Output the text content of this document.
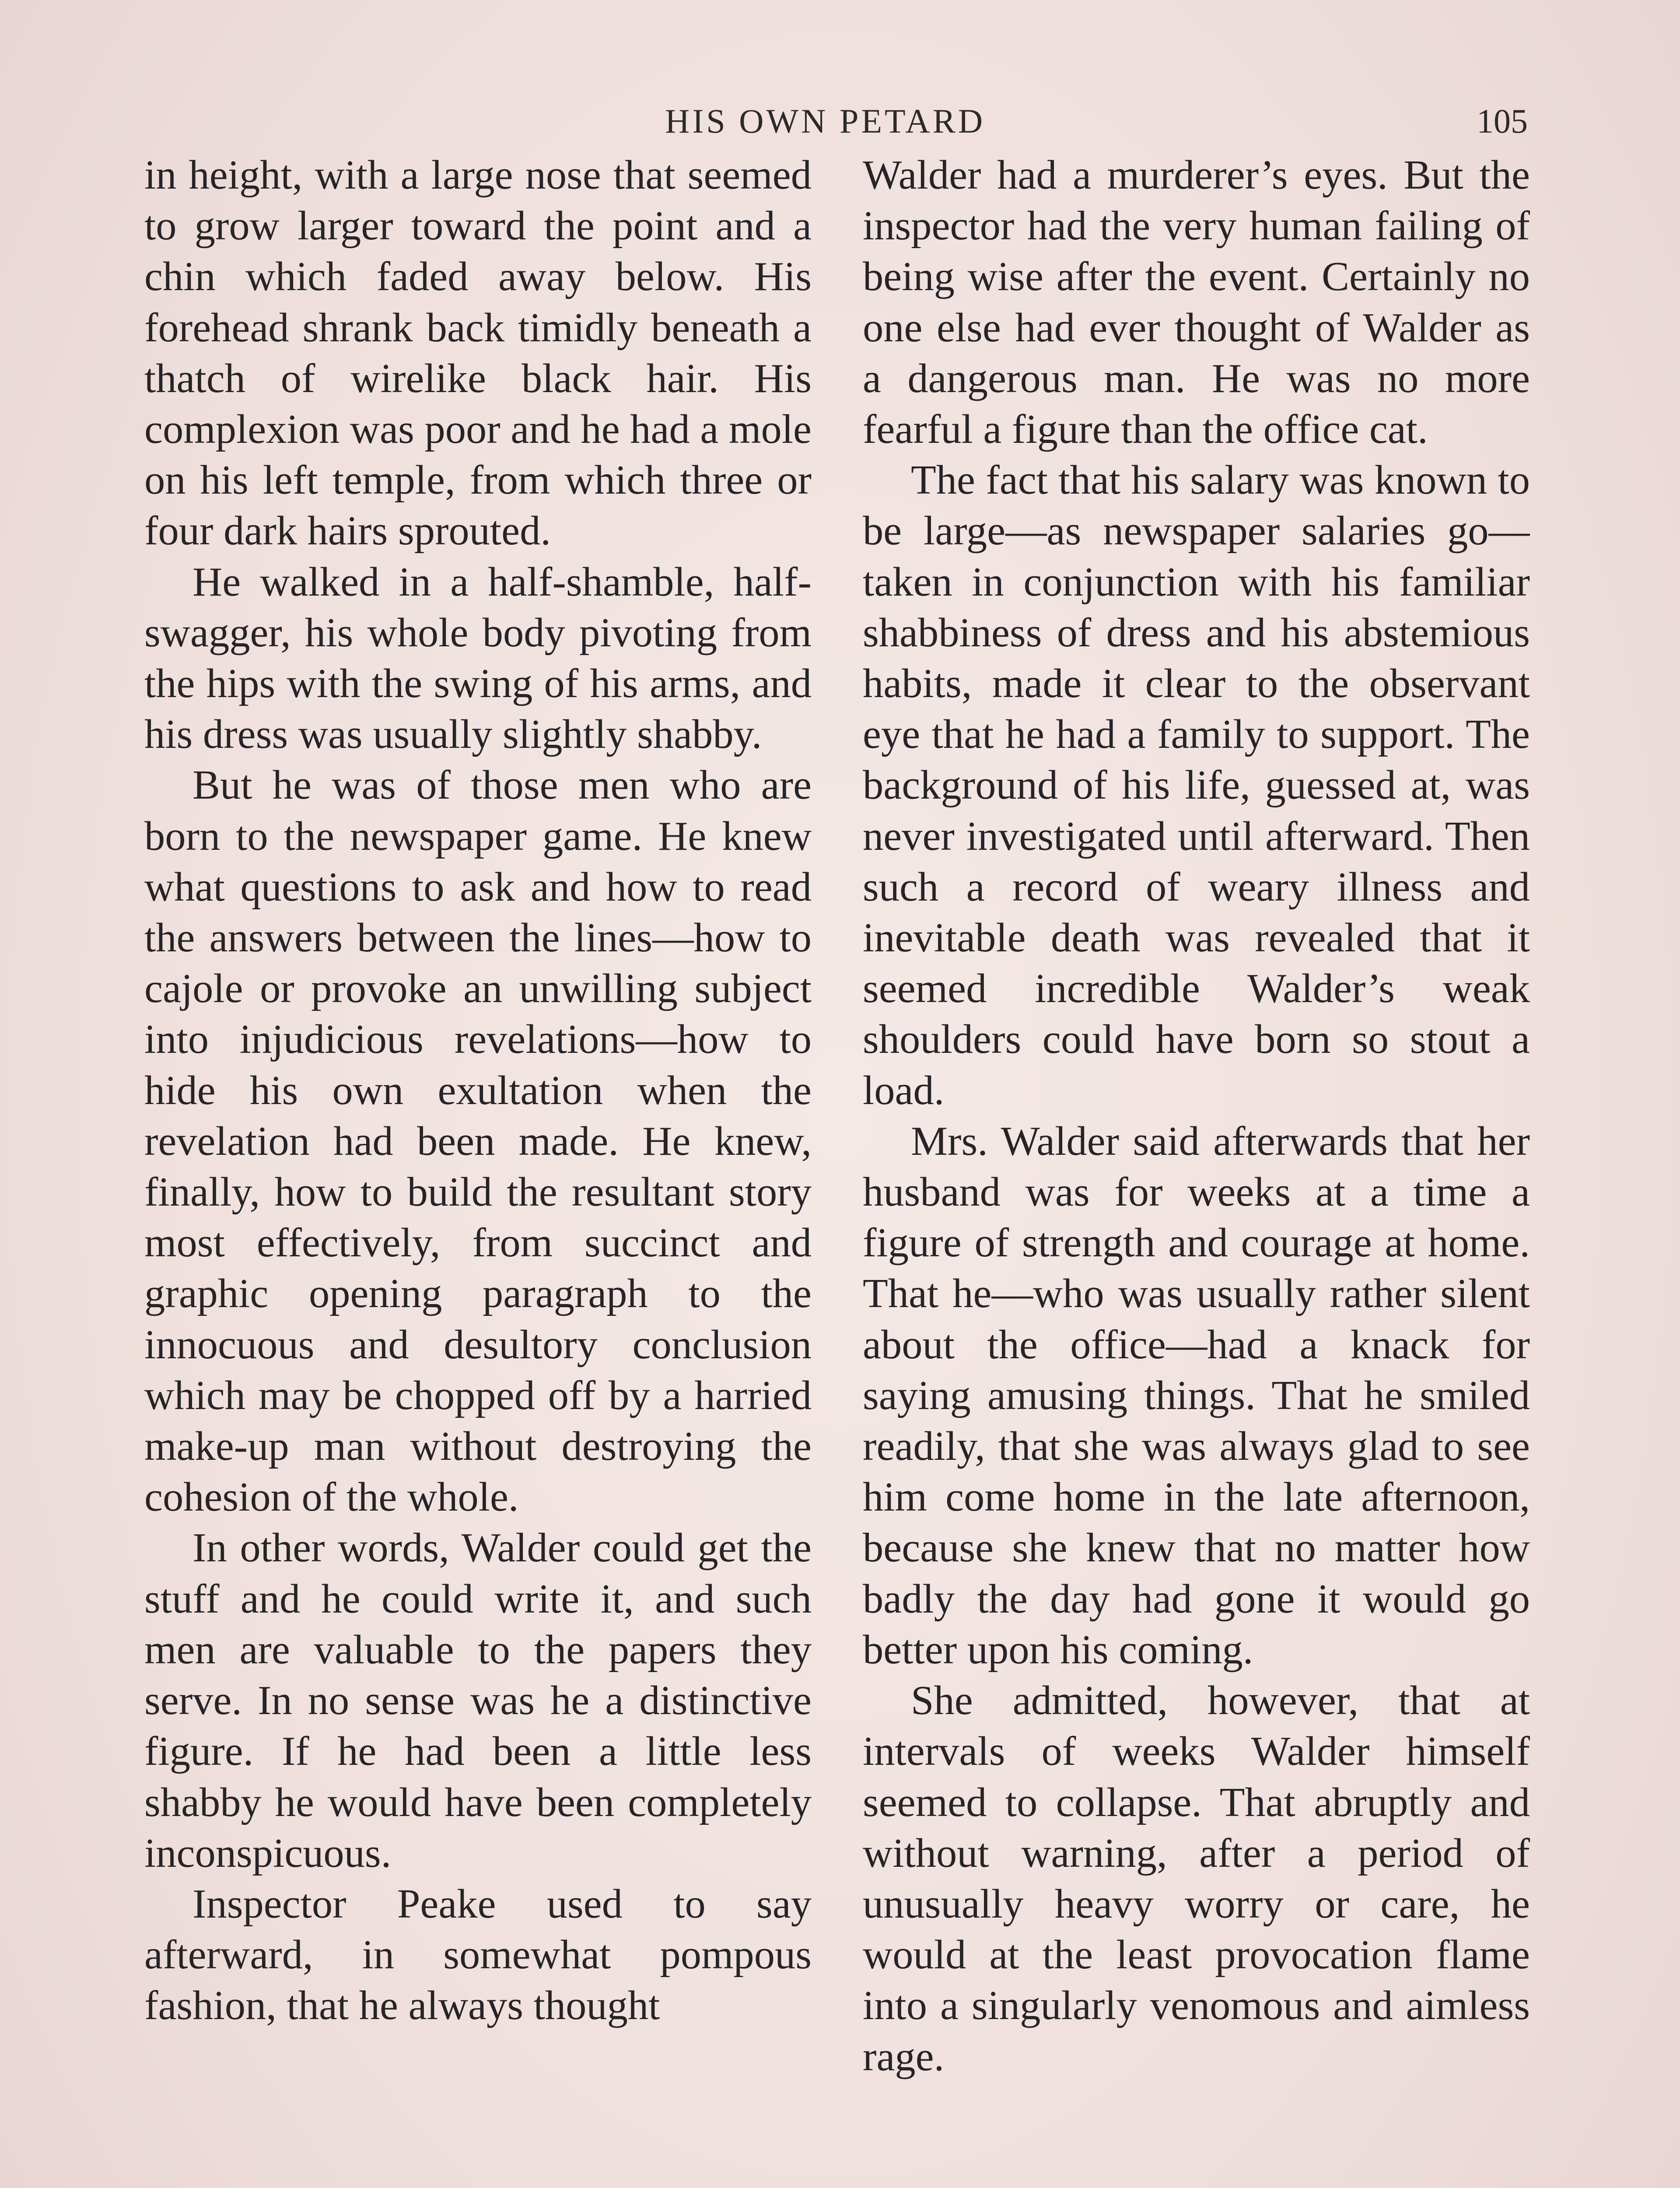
HIS OWN PETARD	105

in height, with a large nose that seemed to grow larger toward the point and a chin which faded away below. His forehead shrank back timidly beneath a thatch of wirelike black hair. His complexion was poor and he had a mole on his left temple, from which three or four dark hairs sprouted.

He walked in a half-shamble, half-swagger, his whole body pivoting from the hips with the swing of his arms, and his dress was usually slightly shabby.

But he was of those men who are born to the newspaper game. He knew what questions to ask and how to read the answers between the lines—how to cajole or provoke an unwilling subject into injudicious revelations—how to hide his own exultation when the revelation had been made. He knew, finally, how to build the resultant story most effectively, from succinct and graphic opening paragraph to the innocuous and desultory conclusion which may be chopped off by a harried make-up man without destroying the cohesion of the whole.

In other words, Walder could get the stuff and he could write it, and such men are valuable to the papers they serve. In no sense was he a distinctive figure. If he had been a little less shabby he would have been completely inconspicuous.

Inspector Peake used to say afterward, in somewhat pompous fashion, that he always thought

Walder had a murderer’s eyes. But the inspector had the very human failing of being wise after the event. Certainly no one else had ever thought of Walder as a dangerous man. He was no more fearful a figure than the office cat.

The fact that his salary was known to be large—as newspaper salaries go—taken in conjunction with his familiar shabbiness of dress and his abstemious habits, made it clear to the observant eye that he had a family to support. The background of his life, guessed at, was never investigated until afterward. Then such a record of weary illness and inevitable death was revealed that it seemed incredible Walder’s weak shoulders could have born so stout a load.

Mrs. Walder said afterwards that her husband was for weeks at a time a figure of strength and courage at home. That he—who was usually rather silent about the office—had a knack for saying amusing things. That he smiled readily, that she was always glad to see him come home in the late afternoon, because she knew that no matter how badly the day had gone it would go better upon his coming.

She admitted, however, that at intervals of weeks Walder himself seemed to collapse. That abruptly and without warning, after a period of unusually heavy worry or care, he would at the least provocation flame into a singularly venomous and aimless rage.
